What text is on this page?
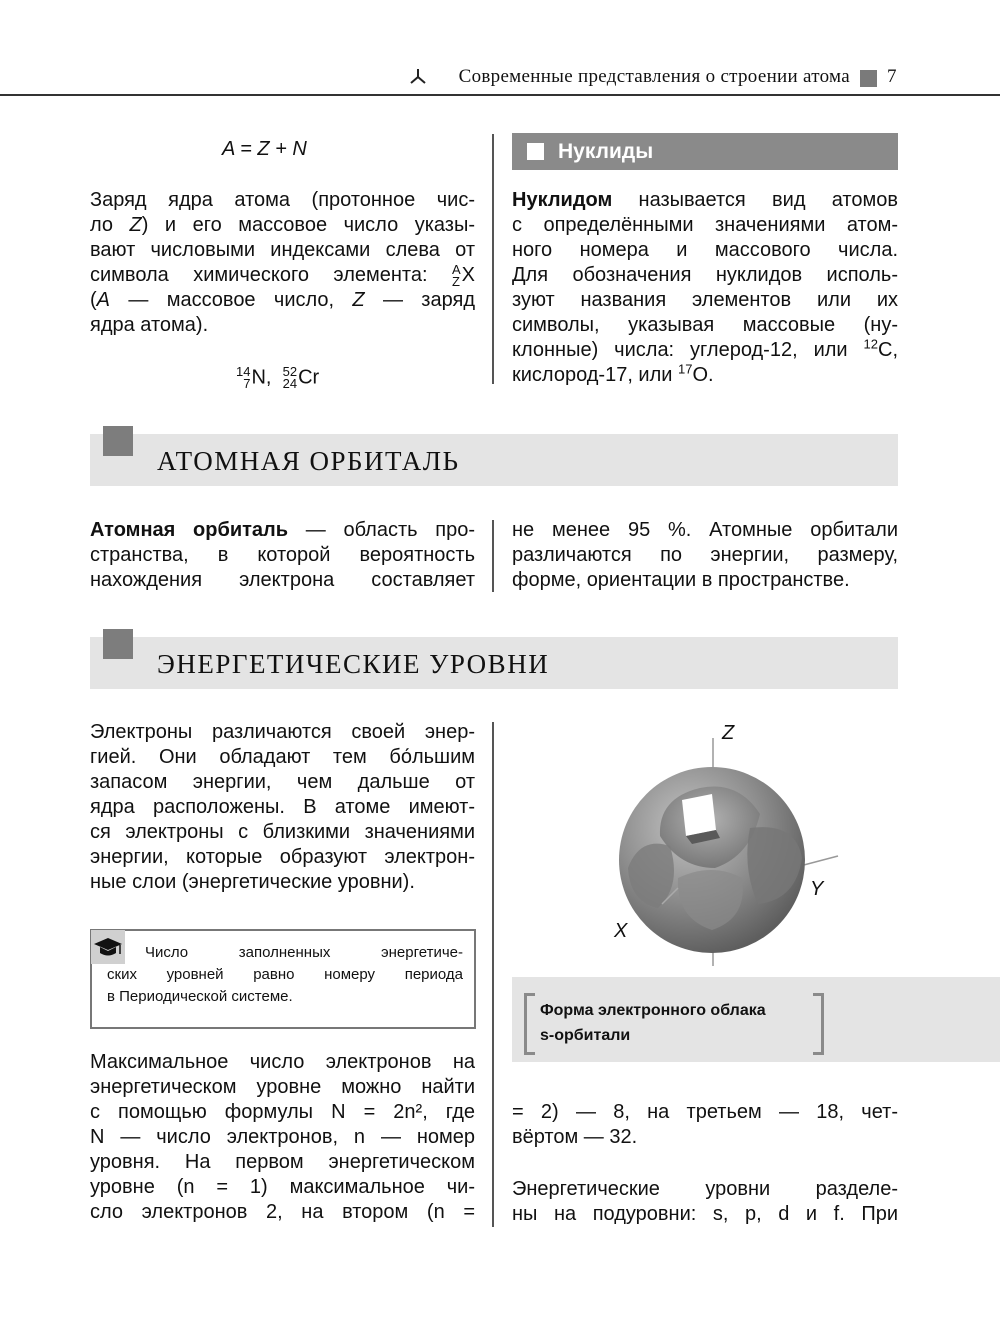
Современные представления о строении атома 7
A = Z + N
Заряд ядра атома (протонное чис-
ло Z) и его массовое число указы-
вают числовыми индексами слева от
символа химического элемента: A
Z X
(A — массовое число, Z — заряд
ядра атома).
14
7 N, 52
24 Cr
Нуклиды
Нуклидом называется вид атомов
с определёнными значениями атом-
ного номера и массового числа.
Для обозначения нуклидов исполь-
зуют названия элементов или их
символы, указывая массовые (ну-
клонные) числа: углерод-12, или $^{12}$C,
кислород-17, или $^{17}$O.
АТОМНАЯ ОРБИТАЛЬ
Атомная орбиталь — область про-
странства, в которой вероятность
нахождения электрона составляет
не менее 95 %. Атомные орбитали
различаются по энергии, размеру,
форме, ориентации в пространстве.
ЭНЕРГЕТИЧЕСКИЕ УРОВНИ
Электроны различаются своей энер-
гией. Они обладают тем бо́льшим
запасом энергии, чем дальше от
ядра расположены. В атоме имеют-
ся электроны с близкими значениями
энергии, которые образуют электрон-
ные слои (энергетические уровни).
Число заполненных энергетиче-
ских уровней равно номеру периода
в Периодической системе.
Максимальное число электронов на
энергетическом уровне можно найти
с помощью формулы N = 2n², где
N — число электронов, n — номер
уровня. На первом энергетическом
уровне (n = 1) максимальное чи-
сло электронов 2, на втором (n =
Z
Y
X
Форма электронного облака
s-орбитали
= 2) — 8, на третьем — 18, чет-
вёртом — 32.
Энергетические уровни разделе-
ны на подуровни: s, p, d и f. При
